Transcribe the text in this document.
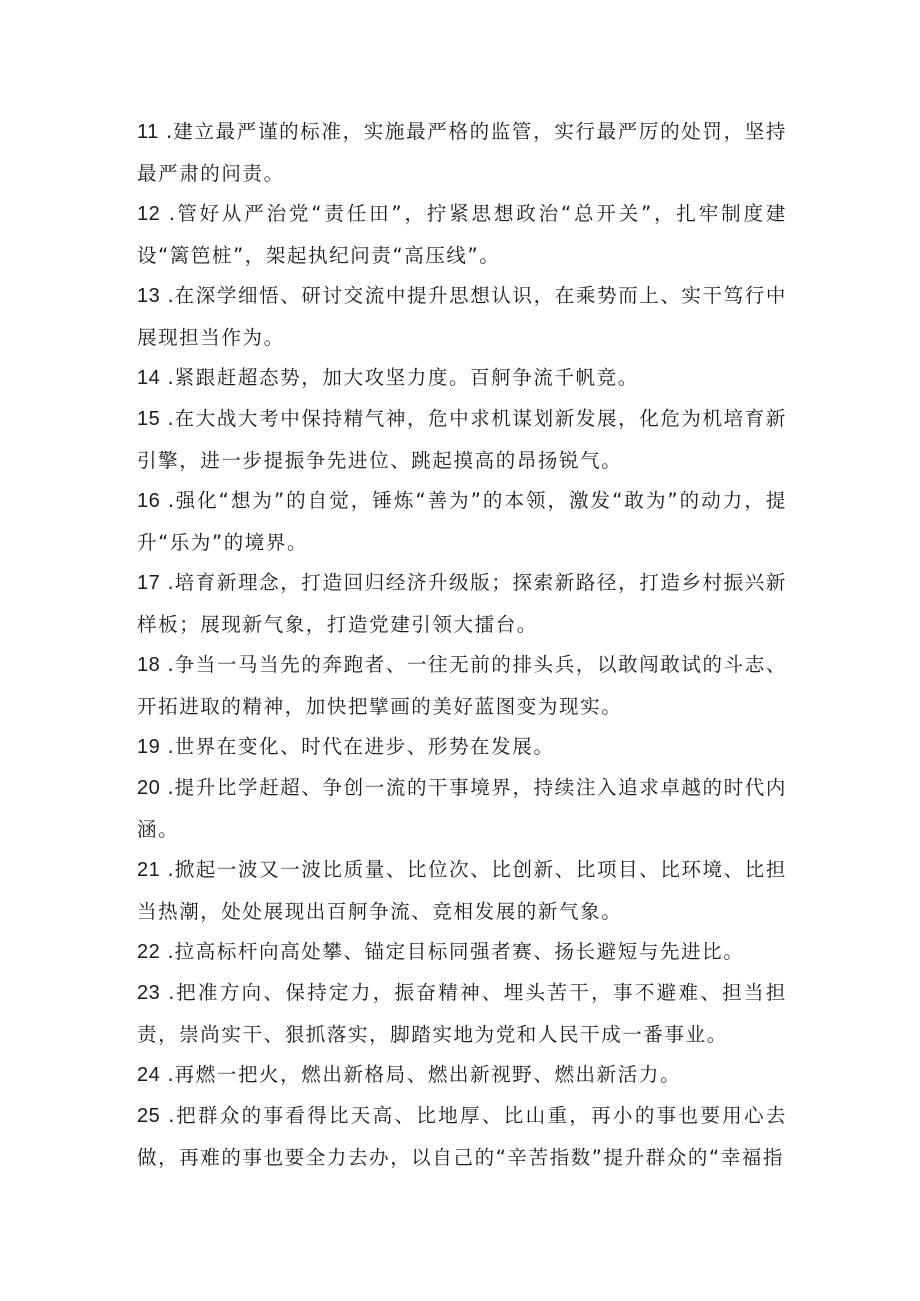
11 .建立最严谨的标准，实施最严格的监管，实行最严厉的处罚，坚持最严肃的问责。
12 .管好从严治党“责任田”，拧紧思想政治“总开关”，扎牢制度建设“篱笆桩”，架起执纪问责“高压线”。
13 .在深学细悟、研讨交流中提升思想认识，在乘势而上、实干笃行中展现担当作为。
14 .紧跟赶超态势，加大攻坚力度。百舸争流千帆竞。
15 .在大战大考中保持精气神，危中求机谋划新发展，化危为机培育新引擎，进一步提振争先进位、跳起摸高的昂扬锐气。
16 .强化“想为”的自觉，锤炼“善为”的本领，激发“敢为”的动力，提升“乐为”的境界。
17 .培育新理念，打造回归经济升级版；探索新路径，打造乡村振兴新样板；展现新气象，打造党建引领大擂台。
18 .争当一马当先的奔跑者、一往无前的排头兵，以敢闯敢试的斗志、开拓进取的精神，加快把擘画的美好蓝图变为现实。
19 .世界在变化、时代在进步、形势在发展。
20 .提升比学赶超、争创一流的干事境界，持续注入追求卓越的时代内涵。
21 .掀起一波又一波比质量、比位次、比创新、比项目、比环境、比担当热潮，处处展现出百舸争流、竞相发展的新气象。
22 .拉高标杆向高处攀、锚定目标同强者赛、扬长避短与先进比。
23 .把准方向、保持定力，振奋精神、埋头苦干，事不避难、担当担责，崇尚实干、狠抓落实，脚踏实地为党和人民干成一番事业。
24 .再燃一把火，燃出新格局、燃出新视野、燃出新活力。
25 .把群众的事看得比天高、比地厚、比山重，再小的事也要用心去做，再难的事也要全力去办，以自己的“辛苦指数”提升群众的“幸福指
